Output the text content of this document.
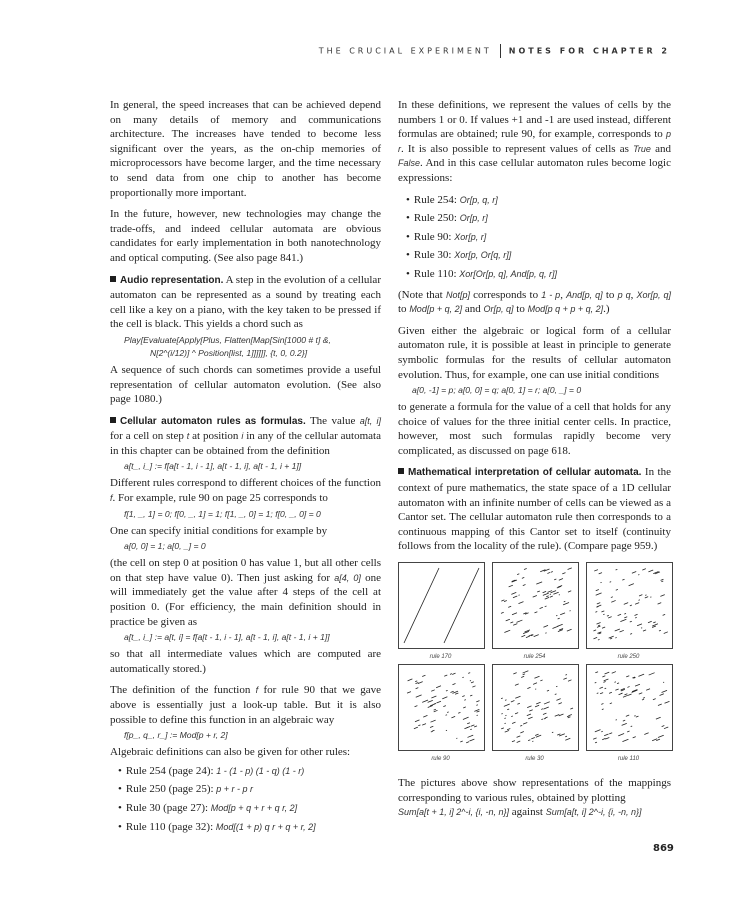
THE CRUCIAL EXPERIMENT NOTES FOR CHAPTER 2

In general, the speed increases that can be achieved depend on many details of memory and communications architecture. The increases have tended to become less significant over the years, as the on-chip memories of microprocessors have become larger, and the time necessary to send data from one chip to another has become proportionally more important.

In the future, however, new technologies may change the trade-offs, and indeed cellular automata are obvious candidates for early implementation in both nanotechnology and optical computing. (See also page 841.)

Audio representation. A step in the evolution of a cellular automaton can be represented as a sound by treating each cell like a key on a piano, with the key taken to be pressed if the cell is black. This yields a chord such as

Play[Evaluate[Apply[Plus, Flatten[Map[Sin[1000 # t] &,
N[2^(i/12)] ^ Position[list, 1]]]]]], {t, 0, 0.2}]

A sequence of such chords can sometimes provide a useful representation of cellular automaton evolution. (See also page 1080.)

Cellular automaton rules as formulas. The value a[t, i] for a cell on step t at position i in any of the cellular automata in this chapter can be obtained from the definition

a[t_, i_] := f[a[t - 1, i - 1], a[t - 1, i], a[t - 1, i + 1]]

Different rules correspond to different choices of the function f. For example, rule 90 on page 25 corresponds to

f[1, _, 1] = 0; f[0, _, 1] = 1; f[1, _, 0] = 1; f[0, _, 0] = 0

One can specify initial conditions for example by

a[0, 0] = 1; a[0, _] = 0

(the cell on step 0 at position 0 has value 1, but all other cells on that step have value 0). Then just asking for a[4, 0] one will immediately get the value after 4 steps of the cell at position 0. (For efficiency, the main definition should in practice be given as

a[t_, i_] := a[t, i] = f[a[t - 1, i - 1], a[t - 1, i], a[t - 1, i + 1]]

so that all intermediate values which are computed are automatically stored.)

The definition of the function f for rule 90 that we gave above is essentially just a look-up table. But it is also possible to define this function in an algebraic way

f[p_, q_, r_] := Mod[p + r, 2]

Algebraic definitions can also be given for other rules:

• Rule 254 (page 24): 1 - (1 - p) (1 - q) (1 - r)
• Rule 250 (page 25): p + r - p r
• Rule 30 (page 27): Mod[p + q + r + q r, 2]
• Rule 110 (page 32): Mod[(1 + p) q r + q + r, 2]

In these definitions, we represent the values of cells by the numbers 1 or 0. If values +1 and -1 are used instead, different formulas are obtained; rule 90, for example, corresponds to p r. It is also possible to represent values of cells as True and False. And in this case cellular automaton rules become logic expressions:

• Rule 254: Or[p, q, r]
• Rule 250: Or[p, r]
• Rule 90: Xor[p, r]
• Rule 30: Xor[p, Or[q, r]]
• Rule 110: Xor[Or[p, q], And[p, q, r]]

(Note that Not[p] corresponds to 1 - p, And[p, q] to p q, Xor[p, q] to Mod[p + q, 2] and Or[p, q] to Mod[p q + p + q, 2].)

Given either the algebraic or logical form of a cellular automaton rule, it is possible at least in principle to generate symbolic formulas for the results of cellular automaton evolution. Thus, for example, one can use initial conditions

a[0, -1] = p; a[0, 0] = q; a[0, 1] = r; a[0, _] = 0

to generate a formula for the value of a cell that holds for any choice of values for the three initial center cells. In practice, however, most such formulas rapidly become very complicated, as discussed on page 618.

Mathematical interpretation of cellular automata. In the context of pure mathematics, the state space of a 1D cellular automaton with an infinite number of cells can be viewed as a Cantor set. The cellular automaton rule then corresponds to a continuous mapping of this Cantor set to itself (continuity follows from the locality of the rule). (Compare page 959.)

rule 170	rule 254	rule 250
rule 90	rule 30	rule 110

The pictures above show representations of the mappings corresponding to various rules, obtained by plotting
Sum[a[t + 1, i] 2^-i, {i, -n, n}] against Sum[a[t, i] 2^-i, {i, -n, n}]

869
